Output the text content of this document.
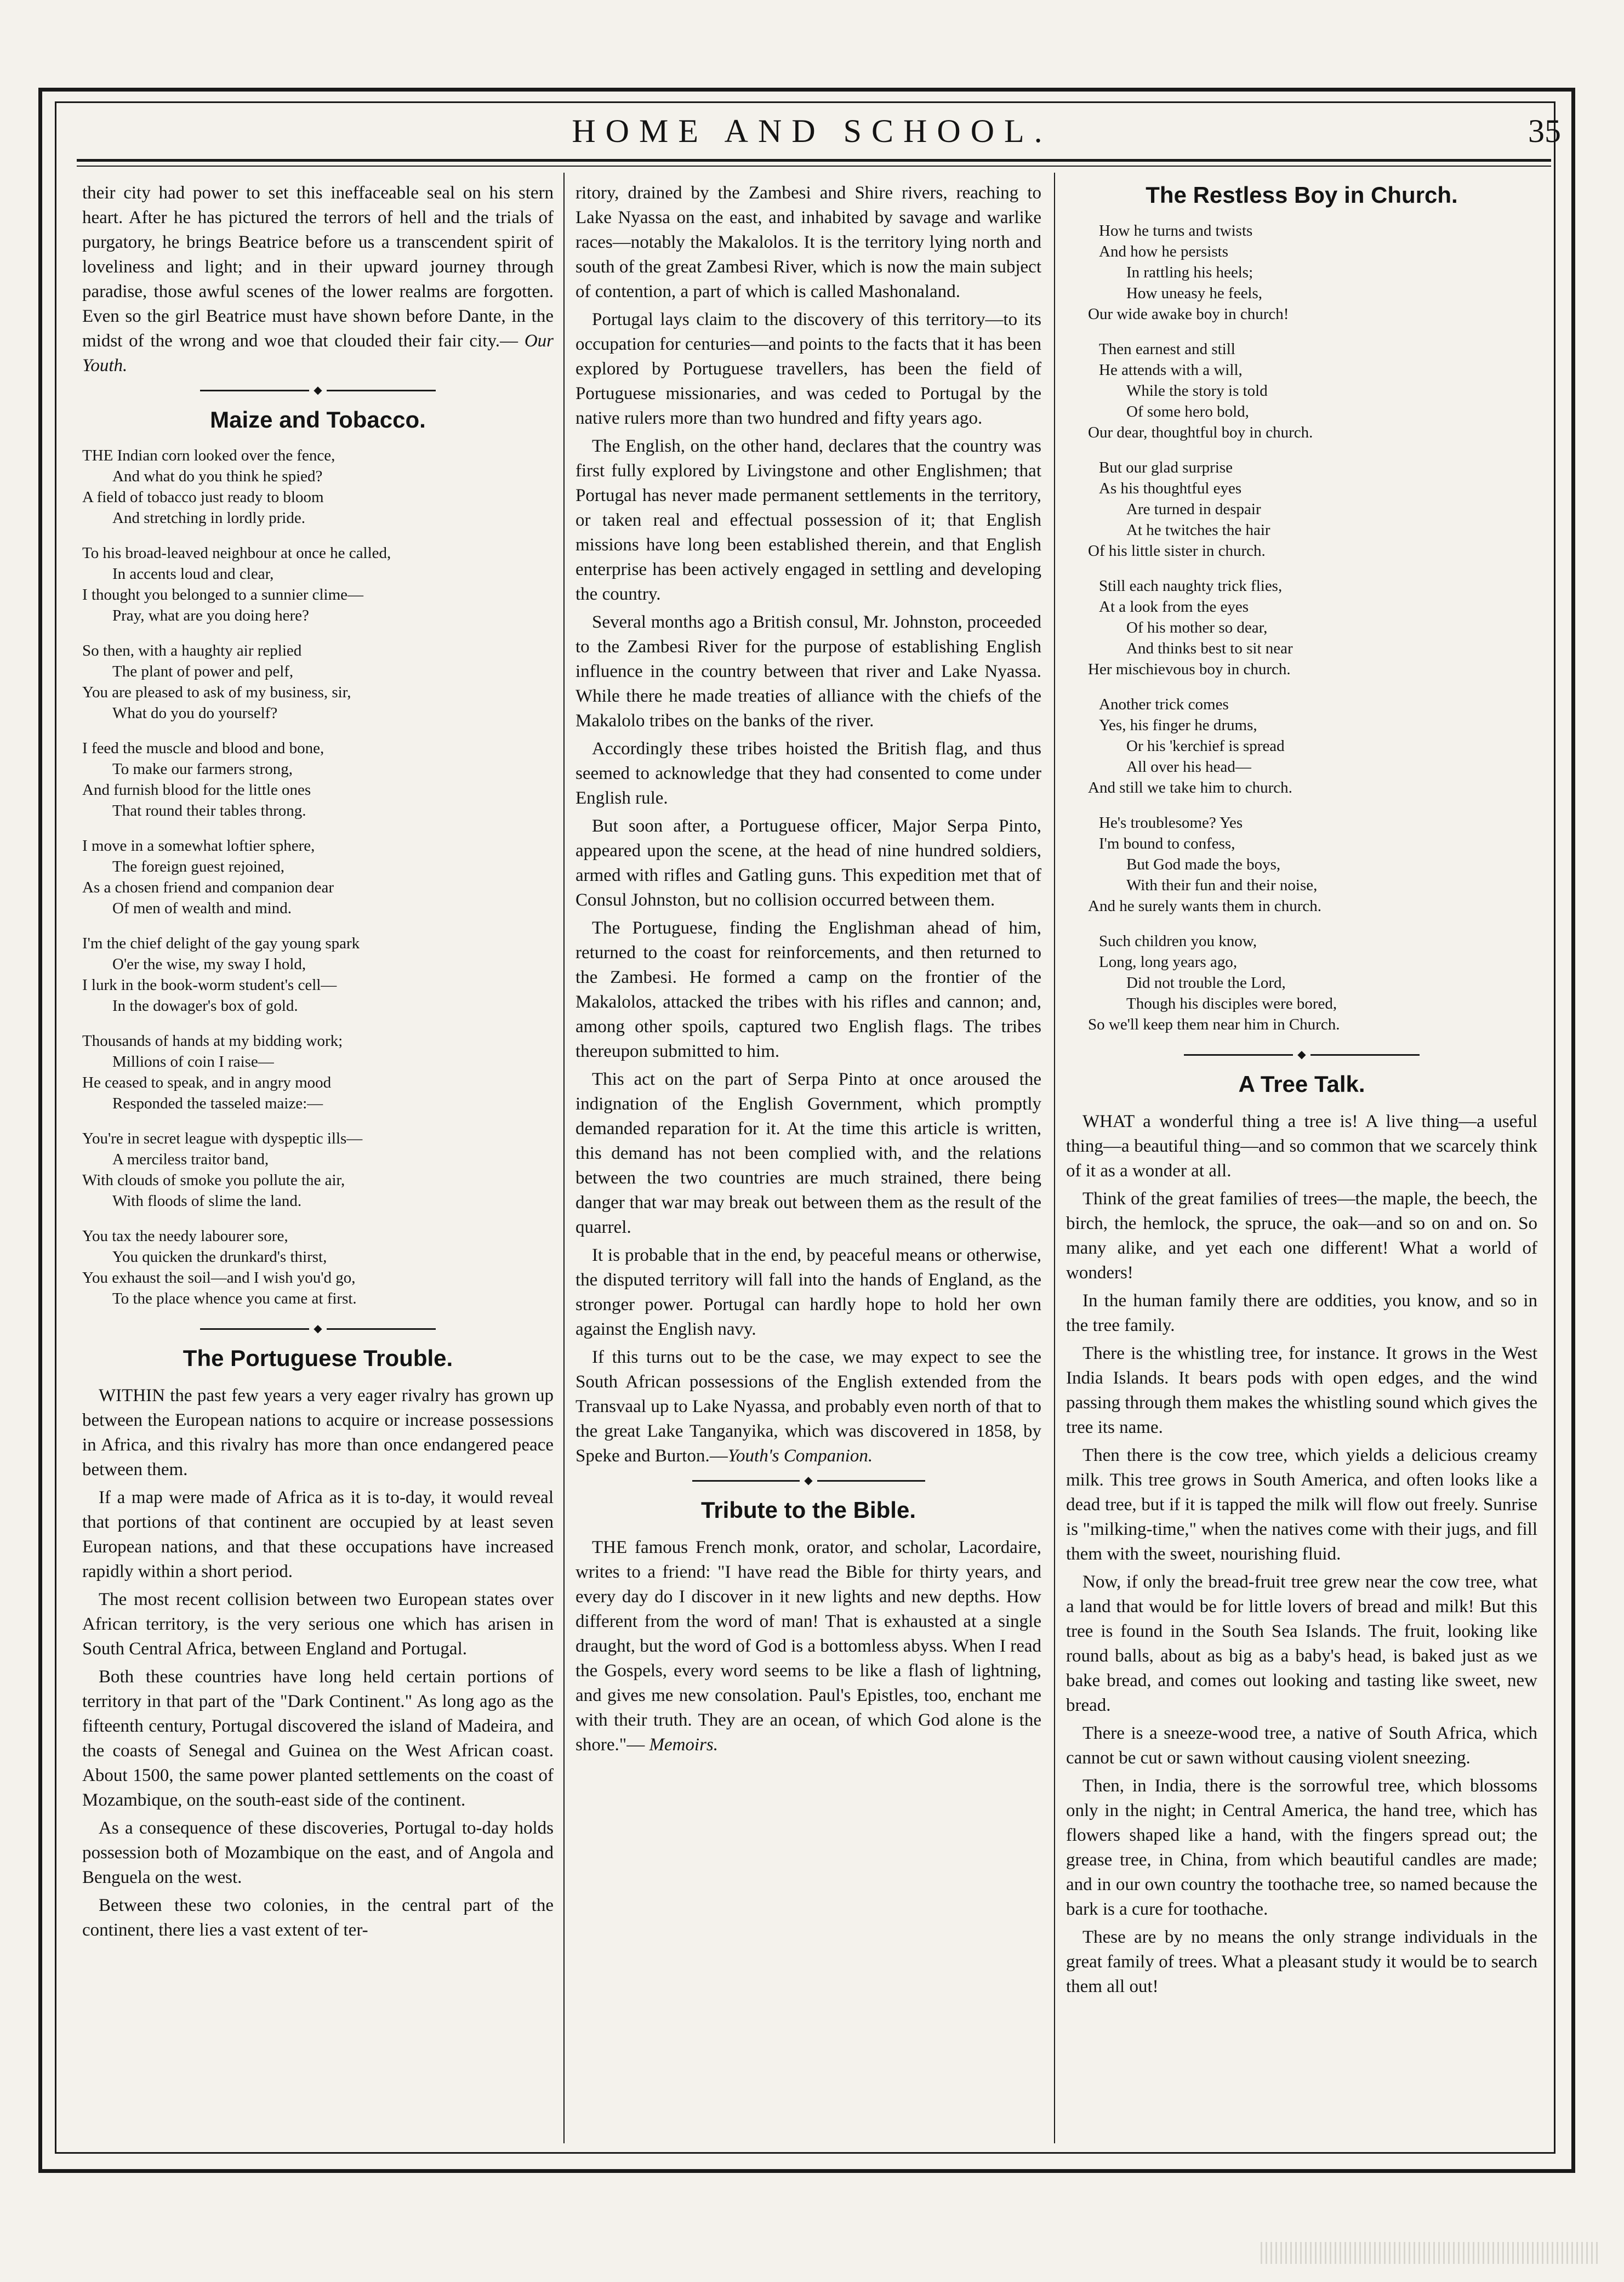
HOME AND SCHOOL.	35

their city had power to set this ineffaceable seal on his stern heart. After he has pictured the terrors of hell and the trials of purgatory, he brings Beatrice before us a transcendent spirit of loveliness and light; and in their upward journey through paradise, those awful scenes of the lower realms are forgotten. Even so the girl Beatrice must have shown before Dante, in the midst of the wrong and woe that clouded their fair city.— Our Youth.

◆
Maize and Tobacco.
THE Indian corn looked over the fence,
And what do you think he spied?
A field of tobacco just ready to bloom
And stretching in lordly pride.
To his broad-leaved neighbour at once he called,
In accents loud and clear,
I thought you belonged to a sunnier clime—
Pray, what are you doing here?
So then, with a haughty air replied
The plant of power and pelf,
You are pleased to ask of my business, sir,
What do you do yourself?
I feed the muscle and blood and bone,
To make our farmers strong,
And furnish blood for the little ones
That round their tables throng.
I move in a somewhat loftier sphere,
The foreign guest rejoined,
As a chosen friend and companion dear
Of men of wealth and mind.
I'm the chief delight of the gay young spark
O'er the wise, my sway I hold,
I lurk in the book-worm student's cell—
In the dowager's box of gold.
Thousands of hands at my bidding work;
Millions of coin I raise—
He ceased to speak, and in angry mood
Responded the tasseled maize:—
You're in secret league with dyspeptic ills—
A merciless traitor band,
With clouds of smoke you pollute the air,
With floods of slime the land.
You tax the needy labourer sore,
You quicken the drunkard's thirst,
You exhaust the soil—and I wish you'd go,
To the place whence you came at first.
◆
The Portuguese Trouble.

WITHIN the past few years a very eager rivalry has grown up between the European nations to acquire or increase possessions in Africa, and this rivalry has more than once endangered peace between them.

If a map were made of Africa as it is to-day, it would reveal that portions of that continent are occupied by at least seven European nations, and that these occupations have increased rapidly within a short period.

The most recent collision between two European states over African territory, is the very serious one which has arisen in South Central Africa, between England and Portugal.

Both these countries have long held certain portions of territory in that part of the "Dark Continent." As long ago as the fifteenth century, Portugal discovered the island of Madeira, and the coasts of Senegal and Guinea on the West African coast. About 1500, the same power planted settlements on the coast of Mozambique, on the south-east side of the continent.

As a consequence of these discoveries, Portugal to-day holds possession both of Mozambique on the east, and of Angola and Benguela on the west.

Between these two colonies, in the central part of the continent, there lies a vast extent of ter-

ritory, drained by the Zambesi and Shire rivers, reaching to Lake Nyassa on the east, and inhabited by savage and warlike races—notably the Makalolos. It is the territory lying north and south of the great Zambesi River, which is now the main subject of contention, a part of which is called Mashonaland.

Portugal lays claim to the discovery of this territory—to its occupation for centuries—and points to the facts that it has been explored by Portuguese travellers, has been the field of Portuguese missionaries, and was ceded to Portugal by the native rulers more than two hundred and fifty years ago.

The English, on the other hand, declares that the country was first fully explored by Livingstone and other Englishmen; that Portugal has never made permanent settlements in the territory, or taken real and effectual possession of it; that English missions have long been established therein, and that English enterprise has been actively engaged in settling and developing the country.

Several months ago a British consul, Mr. Johnston, proceeded to the Zambesi River for the purpose of establishing English influence in the country between that river and Lake Nyassa. While there he made treaties of alliance with the chiefs of the Makalolo tribes on the banks of the river.

Accordingly these tribes hoisted the British flag, and thus seemed to acknowledge that they had consented to come under English rule.

But soon after, a Portuguese officer, Major Serpa Pinto, appeared upon the scene, at the head of nine hundred soldiers, armed with rifles and Gatling guns. This expedition met that of Consul Johnston, but no collision occurred between them.

The Portuguese, finding the Englishman ahead of him, returned to the coast for reinforcements, and then returned to the Zambesi. He formed a camp on the frontier of the Makalolos, attacked the tribes with his rifles and cannon; and, among other spoils, captured two English flags. The tribes thereupon submitted to him.

This act on the part of Serpa Pinto at once aroused the indignation of the English Government, which promptly demanded reparation for it. At the time this article is written, this demand has not been complied with, and the relations between the two countries are much strained, there being danger that war may break out between them as the result of the quarrel.

It is probable that in the end, by peaceful means or otherwise, the disputed territory will fall into the hands of England, as the stronger power. Portugal can hardly hope to hold her own against the English navy.

If this turns out to be the case, we may expect to see the South African possessions of the English extended from the Transvaal up to Lake Nyassa, and probably even north of that to the great Lake Tanganyika, which was discovered in 1858, by Speke and Burton.—Youth's Companion.

◆
Tribute to the Bible.

THE famous French monk, orator, and scholar, Lacordaire, writes to a friend: "I have read the Bible for thirty years, and every day do I discover in it new lights and new depths. How different from the word of man! That is exhausted at a single draught, but the word of God is a bottomless abyss. When I read the Gospels, every word seems to be like a flash of lightning, and gives me new consolation. Paul's Epistles, too, enchant me with their truth. They are an ocean, of which God alone is the shore."— Memoirs.

The Restless Boy in Church.
How he turns and twists
And how he persists
In rattling his heels;
How uneasy he feels,
Our wide awake boy in church!
Then earnest and still
He attends with a will,
While the story is told
Of some hero bold,
Our dear, thoughtful boy in church.
But our glad surprise
As his thoughtful eyes
Are turned in despair
At he twitches the hair
Of his little sister in church.
Still each naughty trick flies,
At a look from the eyes
Of his mother so dear,
And thinks best to sit near
Her mischievous boy in church.
Another trick comes
Yes, his finger he drums,
Or his 'kerchief is spread
All over his head—
And still we take him to church.
He's troublesome? Yes
I'm bound to confess,
But God made the boys,
With their fun and their noise,
And he surely wants them in church.
Such children you know,
Long, long years ago,
Did not trouble the Lord,
Though his disciples were bored,
So we'll keep them near him in Church.
◆
A Tree Talk.

WHAT a wonderful thing a tree is! A live thing—a useful thing—a beautiful thing—and so common that we scarcely think of it as a wonder at all.

Think of the great families of trees—the maple, the beech, the birch, the hemlock, the spruce, the oak—and so on and on. So many alike, and yet each one different! What a world of wonders!

In the human family there are oddities, you know, and so in the tree family.

There is the whistling tree, for instance. It grows in the West India Islands. It bears pods with open edges, and the wind passing through them makes the whistling sound which gives the tree its name.

Then there is the cow tree, which yields a delicious creamy milk. This tree grows in South America, and often looks like a dead tree, but if it is tapped the milk will flow out freely. Sunrise is "milking-time," when the natives come with their jugs, and fill them with the sweet, nourishing fluid.

Now, if only the bread-fruit tree grew near the cow tree, what a land that would be for little lovers of bread and milk! But this tree is found in the South Sea Islands. The fruit, looking like round balls, about as big as a baby's head, is baked just as we bake bread, and comes out looking and tasting like sweet, new bread.

There is a sneeze-wood tree, a native of South Africa, which cannot be cut or sawn without causing violent sneezing.

Then, in India, there is the sorrowful tree, which blossoms only in the night; in Central America, the hand tree, which has flowers shaped like a hand, with the fingers spread out; the grease tree, in China, from which beautiful candles are made; and in our own country the toothache tree, so named because the bark is a cure for toothache.

These are by no means the only strange individuals in the great family of trees. What a pleasant study it would be to search them all out!
